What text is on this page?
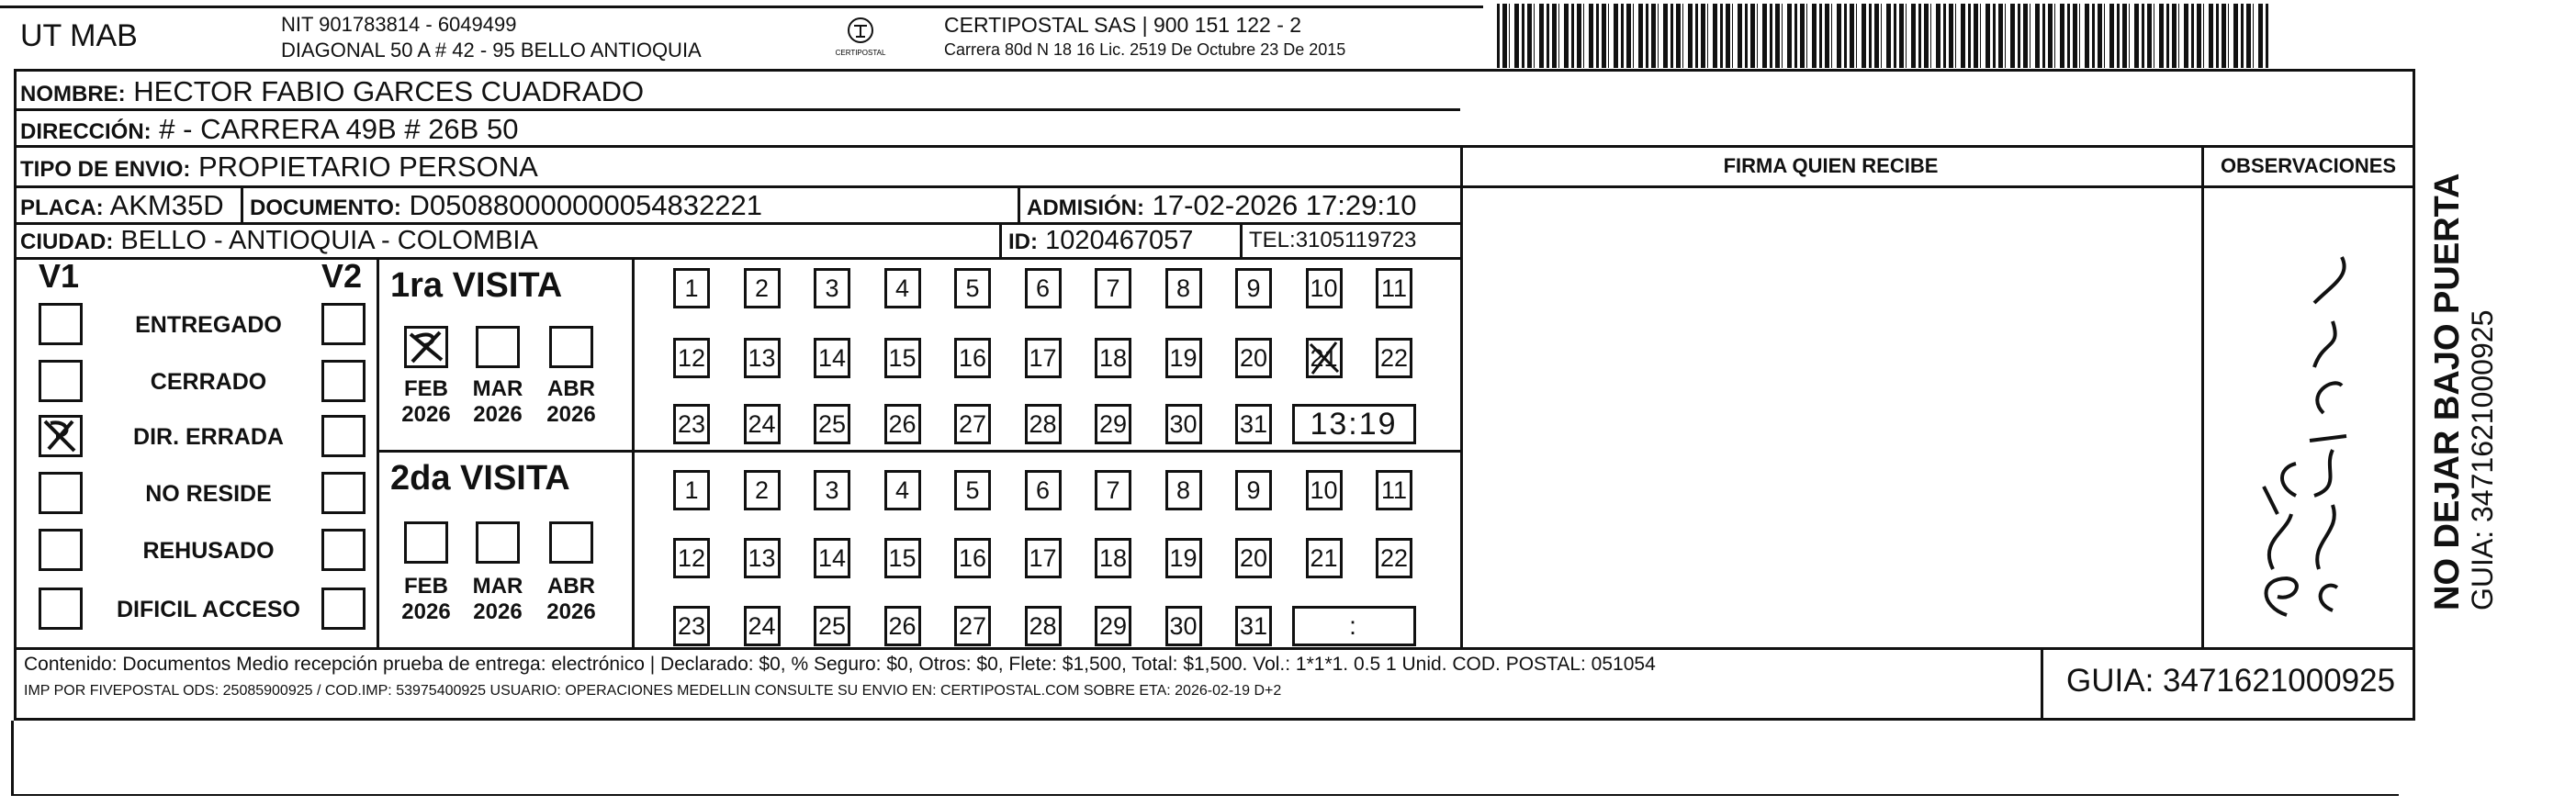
UT MAB	NIT 901783814 - 6049499
DIAGONAL 50 A # 42 - 95 BELLO ANTIOQUIA	CERTIPOSTAL
CERTIPOSTAL SAS | 900 151 122 - 2
Carrera 80d N 18 16 Lic. 2519 De Octubre 23 De 2015
NOMBRE: HECTOR FABIO GARCES CUADRADO
DIRECCIÓN: # - CARRERA 49B # 26B 50
TIPO DE ENVIO: PROPIETARIO PERSONA
PLACA: AKM35D DOCUMENTO: D050880000000054832221	ADMISIÓN: 17-02-2026 17:29:10
CIUDAD: BELLO - ANTIOQUIA - COLOMBIA	ID: 1020467057	TEL:3105119723
FIRMA QUIEN RECIBE	OBSERVACIONES
V1	V2
ENTREGADO
CERRADO
DIR. ERRADA
NO RESIDE
REHUSADO
DIFICIL ACCESO
1ra VISITA
2da VISITA
FEB
2026
MAR
2026
ABR
2026
FEB
2026
MAR
2026
ABR
2026
1	2	3	4	5	6	7	8	9	10 11
12 13 14 15 16 17 18 19 20 21 22
23 24 25 26 27 28 29 30 31	13:19
1	2	3	4	5	6	7	8	9	10 11
12 13 14 15 16 17 18 19 20 21 22
23 24 25 26 27 28 29 30 31	:
Contenido: Documentos Medio recepción prueba de entrega: electrónico | Declarado: $0, % Seguro: $0, Otros: $0, Flete: $1,500, Total: $1,500. Vol.: 1*1*1. 0.5 1 Unid. COD. POSTAL: 051054
IMP POR FIVEPOSTAL ODS: 25085900925 / COD.IMP: 53975400925 USUARIO: OPERACIONES MEDELLIN CONSULTE SU ENVIO EN: CERTIPOSTAL.COM SOBRE ETA: 2026-02-19 D+2	GUIA: 3471621000925
NO DEJAR BAJO PUERTA GUIA: 3471621000925
